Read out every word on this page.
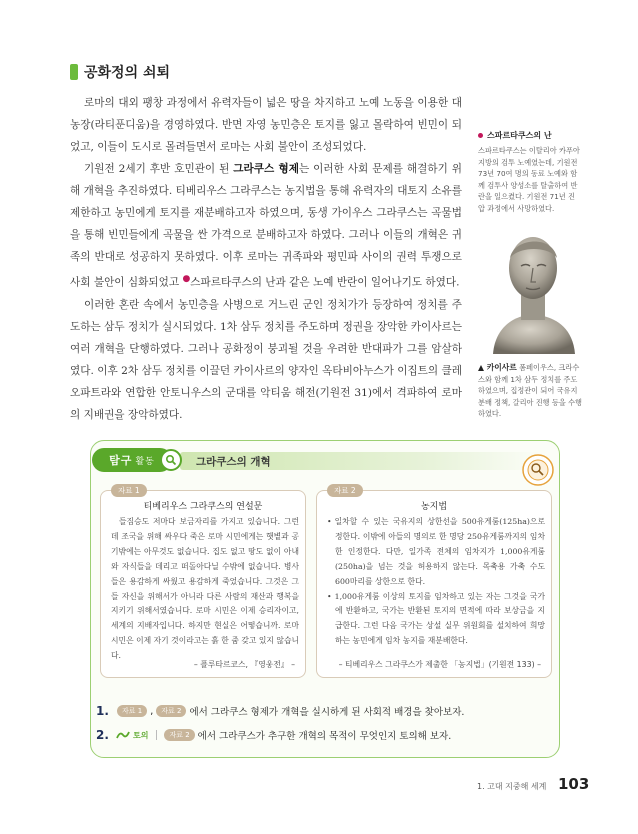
공화정의 쇠퇴

로마의 대외 팽창 과정에서 유력자들이 넓은 땅을 차지하고 노예 노동을 이용한 대농장(라티푼디움)을 경영하였다. 반면 자영 농민층은 토지를 잃고 몰락하여 빈민이 되었고, 이들이 도시로 몰려들면서 로마는 사회 불안이 조성되었다.

기원전 2세기 후반 호민관이 된 그라쿠스 형제는 이러한 사회 문제를 해결하기 위해 개혁을 추진하였다. 티베리우스 그라쿠스는 농지법을 통해 유력자의 대토지 소유를 제한하고 농민에게 토지를 재분배하고자 하였으며, 동생 가이우스 그라쿠스는 곡물법을 통해 빈민들에게 곡물을 싼 가격으로 분배하고자 하였다. 그러나 이들의 개혁은 귀족의 반대로 성공하지 못하였다. 이후 로마는 귀족파와 평민파 사이의 권력 투쟁으로 사회 불안이 심화되었고 ●스파르타쿠스의 난과 같은 노예 반란이 일어나기도 하였다.

이러한 혼란 속에서 농민층을 사병으로 거느린 군인 정치가가 등장하여 정치를 주도하는 삼두 정치가 실시되었다. 1차 삼두 정치를 주도하며 정권을 장악한 카이사르는 여러 개혁을 단행하였다. 그러나 공화정이 붕괴될 것을 우려한 반대파가 그를 암살하였다. 이후 2차 삼두 정치를 이끌던 카이사르의 양자인 옥타비아누스가 이집트의 클레오파트라와 연합한 안토니우스의 군대를 악티움 해전(기원전 31)에서 격파하여 로마의 지배권을 장악하였다.

스파르타쿠스의 난
스파르타쿠스는 이탈리아 카푸아 지방의 검투 노예였는데, 기원전 73년 70여 명의 동료 노예와 함께 검투사 양성소를 탈출하여 반란을 일으켰다. 기원전 71년 진압 과정에서 사망하였다.
▲ 카이사르 폼페이우스, 크라수스와 함께 1차 삼두 정치를 주도하였으며, 집정관이 되어 국유지 분배 정책, 갈리아 진행 등을 수행하였다.
탐구 활동	그라쿠스의 개혁
자료 1
티베리우스 그라쿠스의 연설문
들짐승도 저마다 보금자리를 가지고 있습니다. 그런데 조국을 위해 싸우다 죽은 로마 시민에게는 햇볕과 공기밖에는 아무것도 없습니다. 집도 없고 땅도 없이 아내와 자식들을 데리고 떠돌아다닐 수밖에 없습니다. 병사들은 용감하게 싸웠고 용감하게 죽었습니다. 그것은 그들 자신을 위해서가 아니라 다른 사람의 재산과 행복을 지키기 위해서였습니다. 로마 시민은 이제 승리자이고, 세계의 지배자입니다. 하지만 현실은 어떻습니까. 로마 시민은 이제 자기 것이라고는 흙 한 줌 갖고 있지 않습니다.
– 플루타르코스, 『영웅전』 –
자료 2
농지법
• 일차할 수 있는 국유지의 상한선을 500유게룸(125ha)으로 정한다. 이밖에 아들의 명의로 한 명당 250유게룸까지의 임차한 인정한다. 다만, 일가족 전체의 임차지가 1,000유게룸(250ha)을 넘는 것을 허용하지 않는다. 목축용 가축 수도 600마리를 상한으로 한다.
• 1,000유게룸 이상의 토지를 임차하고 있는 자는 그것을 국가에 반환하고, 국가는 반환된 토지의 면적에 따라 보상금을 지급한다. 그런 다음 국가는 상설 실무 위원회를 설치하여 희망하는 농민에게 임차 농지를 재분배한다.
– 티베리우스 그라쿠스가 제출한 「농지법」(기원전 133) –
1.	자료 1 ,	자료 2 에서 그라쿠스 형제가 개혁을 실시하게 된 사회적 배경을 찾아보자.
2.	토의	자료 2 에서 그라쿠스가 추구한 개혁의 목적이 무엇인지 토의해 보자.
1. 고대 지중해 세계 103
